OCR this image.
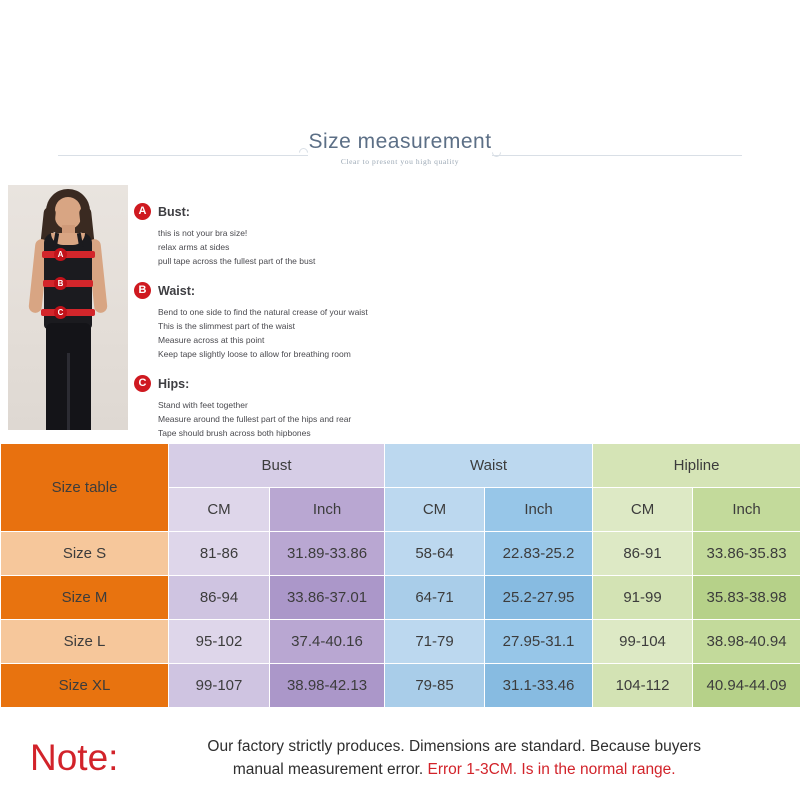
Size measurement
Clear to present you high quality
A
B
C
A Bust:
this is not your bra size!
relax arms at sides
pull tape across the fullest part of the bust
B Waist:
Bend to one side to find the natural crease of your waist
This is the slimmest part of the waist
Measure across at this point
Keep tape slightly loose to allow for breathing room
C Hips:
Stand with feet together
Measure around the fullest part of the hips and rear
Tape should brush across both hipbones
Size table	Bust		Waist		Hipline	
	CM	Inch	CM	Inch	CM	Inch
Size S	81-86	31.89-33.86	58-64	22.83-25.2	86-91	33.86-35.83
Size M	86-94	33.86-37.01	64-71	25.2-27.95	91-99	35.83-38.98
Size L	95-102	37.4-40.16	71-79	27.95-31.1	99-104	38.98-40.94
Size XL	99-107	38.98-42.13	79-85	31.1-33.46	104-112	40.94-44.09
Note:	Our factory strictly produces. Dimensions are standard. Because buyers
manual measurement error. Error 1-3CM. Is in the normal range.
